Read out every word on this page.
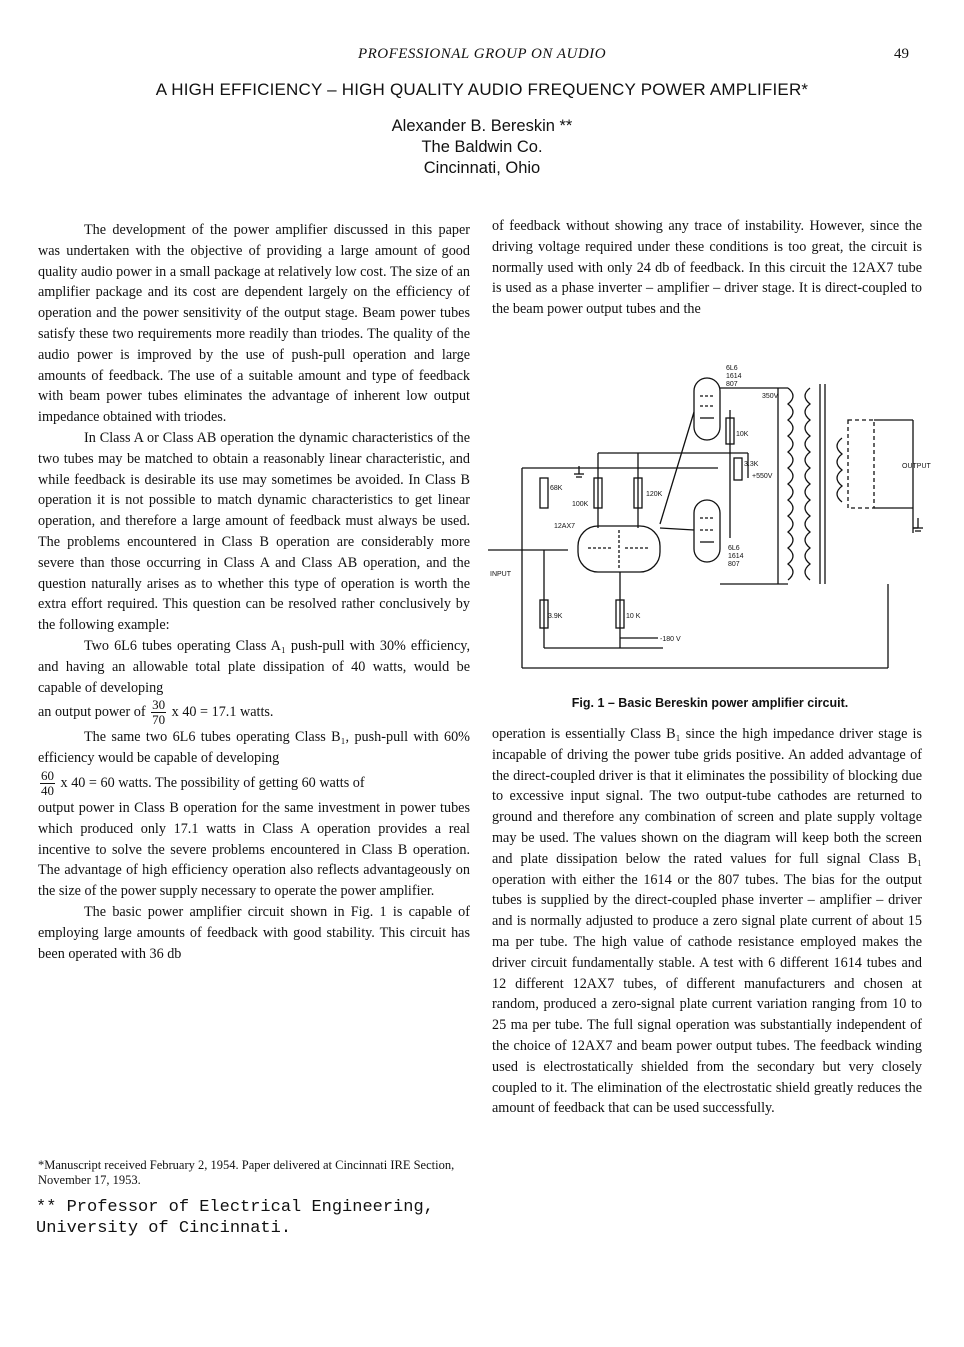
PROFESSIONAL GROUP ON AUDIO	49
A HIGH EFFICIENCY – HIGH QUALITY AUDIO FREQUENCY POWER AMPLIFIER*
Alexander B. Bereskin **
The Baldwin Co.
Cincinnati, Ohio

The development of the power amplifier discussed in this paper was undertaken with the objective of providing a large amount of good quality audio power in a small package at relatively low cost. The size of an amplifier package and its cost are dependent largely on the efficiency of operation and the power sensitivity of the output stage. Beam power tubes satisfy these two requirements more readily than triodes. The quality of the audio power is improved by the use of push-pull operation and large amounts of feedback. The use of a suitable amount and type of feedback with beam power tubes eliminates the advantage of inherent low output impedance obtained with triodes.

In Class A or Class AB operation the dynamic characteristics of the two tubes may be matched to obtain a reasonably linear characteristic, and while feedback is desirable its use may sometimes be avoided. In Class B operation it is not possible to match dynamic characteristics to get linear operation, and therefore a large amount of feedback must always be used. The problems encountered in Class B operation are considerably more severe than those occurring in Class A and Class AB operation, and the question naturally arises as to whether this type of operation is worth the extra effort required. This question can be resolved rather conclusively by the following example:

Two 6L6 tubes operating Class A₁ push-pull with 30% efficiency, and having an allowable total plate dissipation of 40 watts, would be capable of developing

an output power of $\frac{30}{70}$ x 40 = 17.1 watts.

The same two 6L6 tubes operating Class B₁, push-pull with 60% efficiency would be capable of developing

$\frac{60}{40}$ x 40 = 60 watts. The possibility of getting 60 watts of

output power in Class B operation for the same investment in power tubes which produced only 17.1 watts in Class A operation provides a real incentive to solve the severe problems encountered in Class B operation. The advantage of high efficiency operation also reflects advantageously on the size of the power supply necessary to operate the power amplifier.

The basic power amplifier circuit shown in Fig. 1 is capable of employing large amounts of feedback with good stability. This circuit has been operated with 36 db

*Manuscript received February 2, 1954. Paper delivered at Cincinnati IRE Section, November 17, 1953.
** Professor of Electrical Engineering, University of Cincinnati.

of feedback without showing any trace of instability. However, since the driving voltage required under these conditions is too great, the circuit is normally used with only 24 db of feedback. In this circuit the 12AX7 tube is used as a phase inverter – amplifier – driver stage. It is direct-coupled to the beam power output tubes and the

6L6
1614
807
350V
10K
3.3K
+550V
OUTPUT
68K
100K
120K
12AX7
6L6
1614
807
INPUT
3.9K	10 K
-180 V
Fig. 1 – Basic Bereskin power amplifier circuit.

operation is essentially Class B₁ since the high impedance driver stage is incapable of driving the power tube grids positive. An added advantage of the direct-coupled driver is that it eliminates the possibility of blocking due to excessive input signal. The two output-tube cathodes are returned to ground and therefore any combination of screen and plate supply voltage may be used. The values shown on the diagram will keep both the screen and plate dissipation below the rated values for full signal Class B₁ operation with either the 1614 or the 807 tubes. The bias for the output tubes is supplied by the direct-coupled phase inverter – amplifier – driver and is normally adjusted to produce a zero signal plate current of about 15 ma per tube. The high value of cathode resistance employed makes the driver circuit fundamentally stable. A test with 6 different 1614 tubes and 12 different 12AX7 tubes, of different manufacturers and chosen at random, produced a zero-signal plate current variation ranging from 10 to 25 ma per tube. The full signal operation was substantially independent of the choice of 12AX7 and beam power output tubes. The feedback winding used is electrostatically shielded from the secondary but very closely coupled to it. The elimination of the electrostatic shield greatly reduces the amount of feedback that can be used successfully.
